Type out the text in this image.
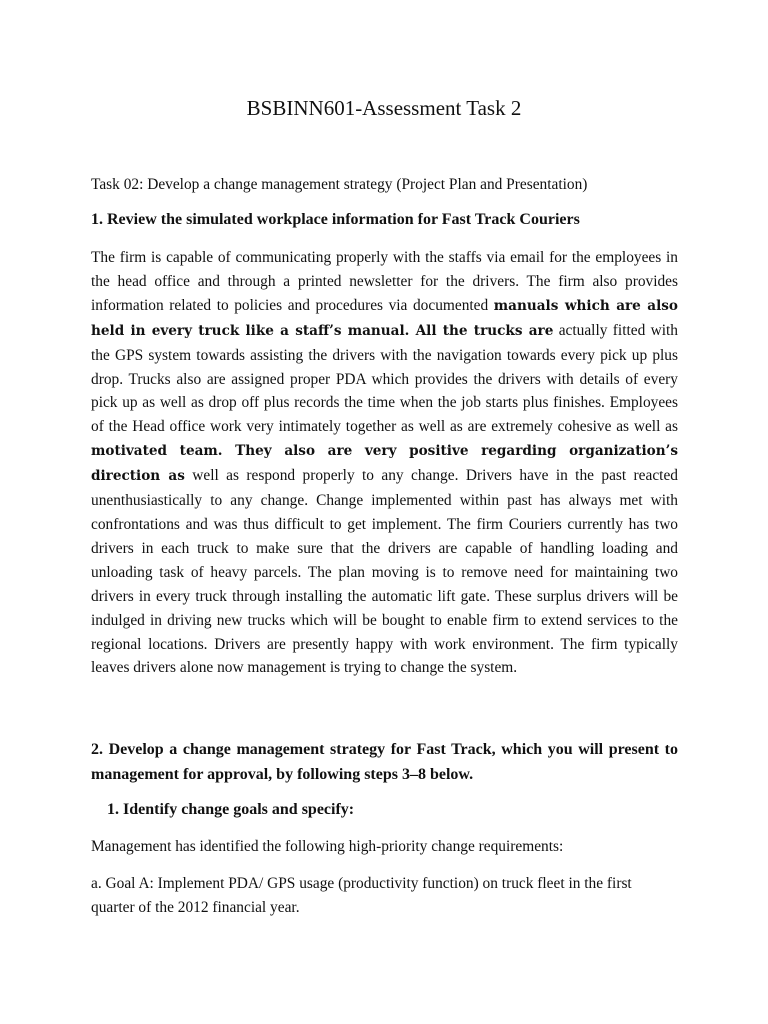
BSBINN601-Assessment Task 2
Task 02: Develop a change management strategy (Project Plan and Presentation)
1. Review the simulated workplace information for Fast Track Couriers
The firm is capable of communicating properly with the staffs via email for the employees in the head office and through a printed newsletter for the drivers. The firm also provides information related to policies and procedures via documented manuals which are also held in every truck like a staff’s manual. All the trucks are actually fitted with the GPS system towards assisting the drivers with the navigation towards every pick up plus drop. Trucks also are assigned proper PDA which provides the drivers with details of every pick up as well as drop off plus records the time when the job starts plus finishes. Employees of the Head office work very intimately together as well as are extremely cohesive as well as motivated team. They also are very positive regarding organization’s direction as well as respond properly to any change. Drivers have in the past reacted unenthusiastically to any change. Change implemented within past has always met with confrontations and was thus difficult to get implement. The firm Couriers currently has two drivers in each truck to make sure that the drivers are capable of handling loading and unloading task of heavy parcels. The plan moving is to remove need for maintaining two drivers in every truck through installing the automatic lift gate. These surplus drivers will be indulged in driving new trucks which will be bought to enable firm to extend services to the regional locations. Drivers are presently happy with work environment. The firm typically leaves drivers alone now management is trying to change the system.
2. Develop a change management strategy for Fast Track, which you will present to management for approval, by following steps 3–8 below.
1. Identify change goals and specify:
Management has identified the following high-priority change requirements:
a. Goal A: Implement PDA/ GPS usage (productivity function) on truck fleet in the first quarter of the 2012 financial year.
